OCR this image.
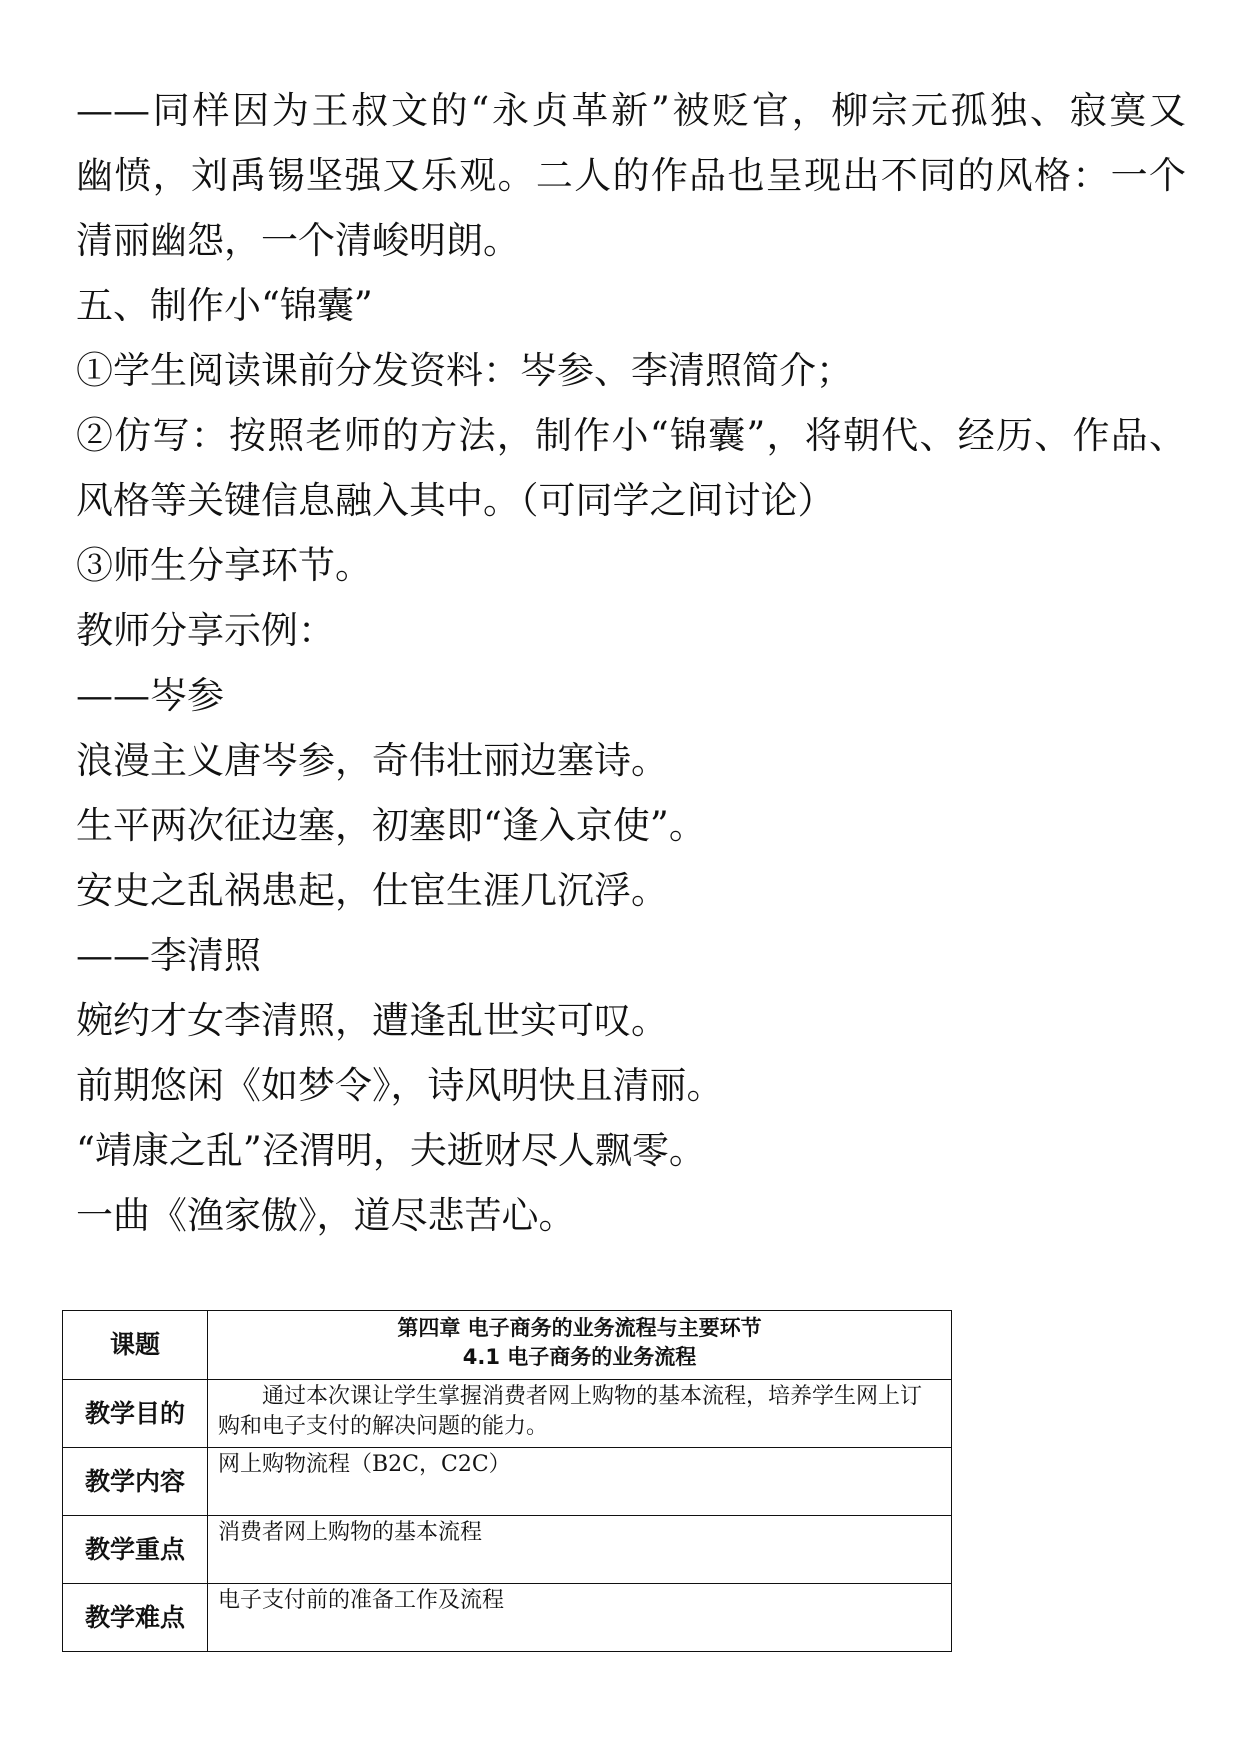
——同样因为王叔文的“永贞革新”被贬官，柳宗元孤独、寂寞又
幽愤，刘禹锡坚强又乐观。二人的作品也呈现出不同的风格：一个
清丽幽怨，一个清峻明朗。
五、制作小“锦囊”
①学生阅读课前分发资料：岑参、李清照简介；
②仿写：按照老师的方法，制作小“锦囊”，将朝代、经历、作品、
风格等关键信息融入其中。（可同学之间讨论）
③师生分享环节。
教师分享示例：
——岑参
浪漫主义唐岑参，奇伟壮丽边塞诗。
生平两次征边塞，初塞即“逢入京使”。
安史之乱祸患起，仕宦生涯几沉浮。
——李清照
婉约才女李清照，遭逢乱世实可叹。
前期悠闲《如梦令》，诗风明快且清丽。
“靖康之乱”泾渭明，夫逝财尽人飘零。
一曲《渔家傲》，道尽悲苦心。
课题	第四章 电子商务的业务流程与主要环节
4.1 电子商务的业务流程

教学目的	通过本次课让学生掌握消费者网上购物的基本流程，培养学生网上订购和电子支付的解决问题的能力。
教学内容	网上购物流程（B2C，C2C）
教学重点	消费者网上购物的基本流程
教学难点	电子支付前的准备工作及流程
